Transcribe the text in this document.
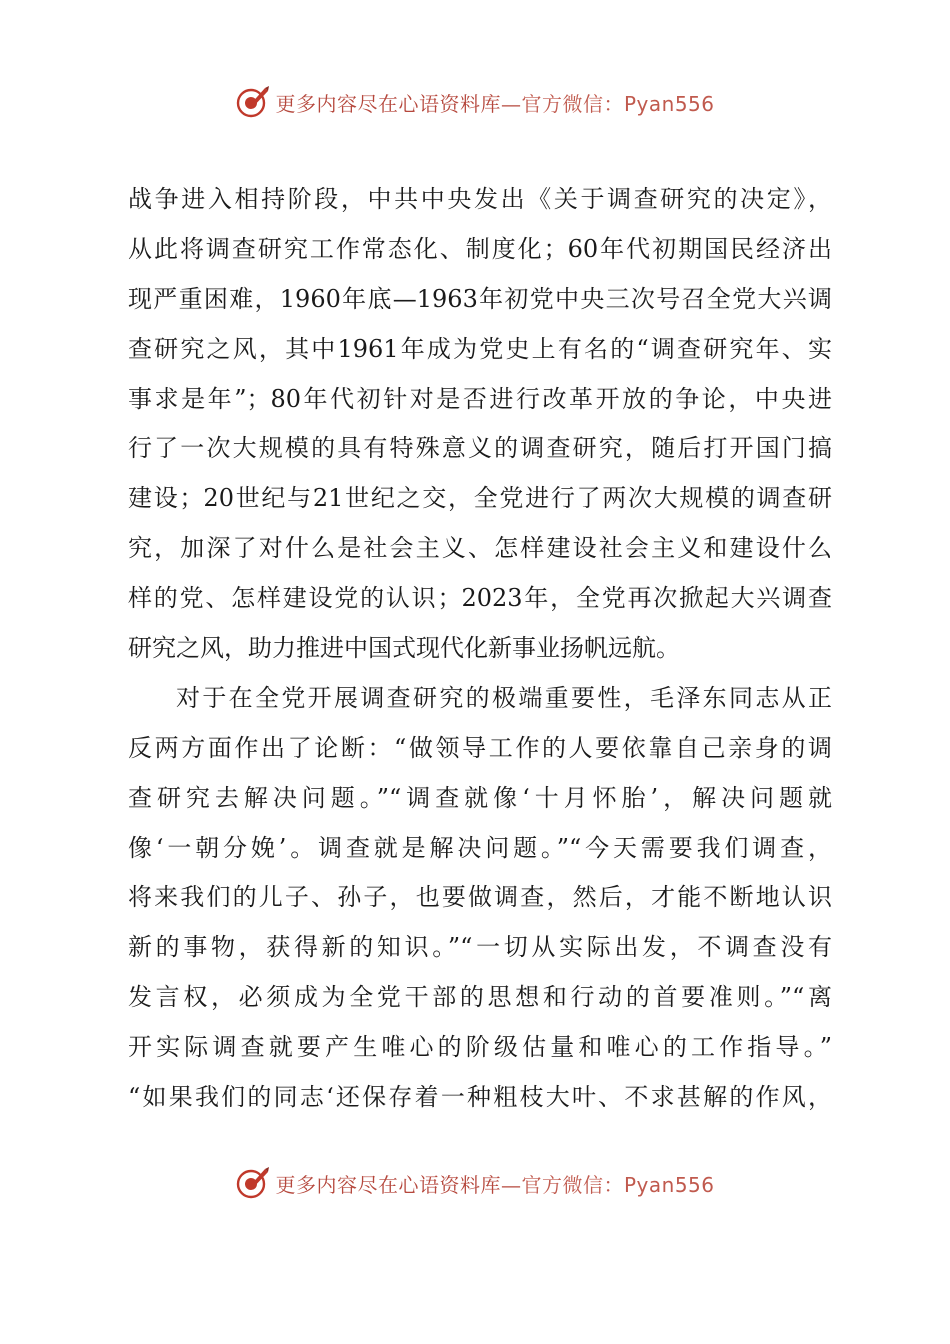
更多内容尽在心语资料库—官方微信：Pyan556
战争进入相持阶段，中共中央发出《关于调查研究的决定》，
从此将调查研究工作常态化、制度化；60年代初期国民经济出
现严重困难，1960年底—1963年初党中央三次号召全党大兴调
查研究之风，其中1961年成为党史上有名的“调查研究年、实
事求是年”；80年代初针对是否进行改革开放的争论，中央进
行了一次大规模的具有特殊意义的调查研究，随后打开国门搞
建设；20世纪与21世纪之交，全党进行了两次大规模的调查研
究，加深了对什么是社会主义、怎样建设社会主义和建设什么
样的党、怎样建设党的认识；2023年，全党再次掀起大兴调查
研究之风，助力推进中国式现代化新事业扬帆远航。
对于在全党开展调查研究的极端重要性，毛泽东同志从正
反两方面作出了论断：“做领导工作的人要依靠自己亲身的调
查研究去解决问题。”“调查就像‘十月怀胎’，解决问题就
像‘一朝分娩’。调查就是解决问题。”“今天需要我们调查，
将来我们的儿子、孙子，也要做调查，然后，才能不断地认识
新的事物，获得新的知识。”“一切从实际出发，不调查没有
发言权，必须成为全党干部的思想和行动的首要准则。”“离
开实际调查就要产生唯心的阶级估量和唯心的工作指导。”
“如果我们的同志‘还保存着一种粗枝大叶、不求甚解的作风，
更多内容尽在心语资料库—官方微信：Pyan556
